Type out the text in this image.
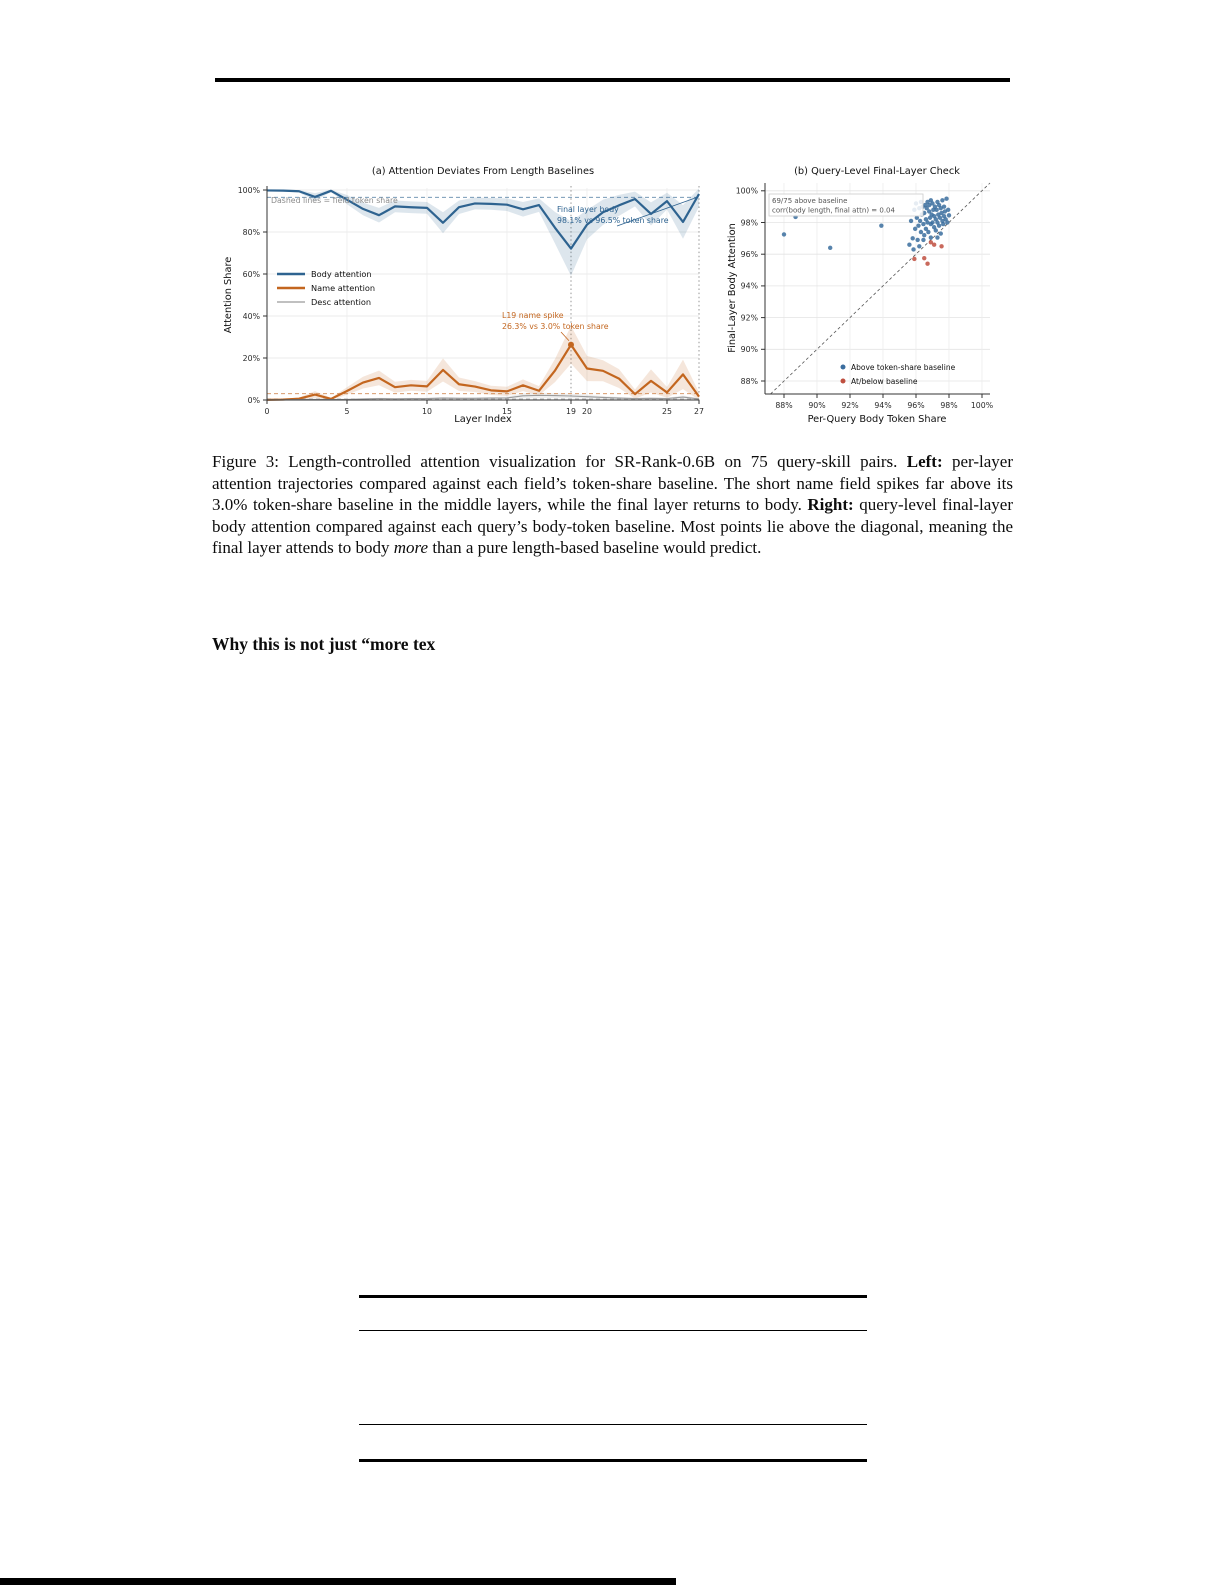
0	5	10	15	19 20	25	27
0%
20%
40%
60%
80%
100%
(a) Attention Deviates From Length Baselines
Layer Index
Attention Share	Body attention
Name attention
Desc attention
Dashed lines = field token share
Final layer body
98.1% vs 96.5% token share
L19 name spike
26.3% vs 3.0% token share
88%
88%
90%
90%
92%
92%
94%
94%
96%
96%
98%
98%
100%
100%
(b) Query-Level Final-Layer Check
Per-Query Body Token Share
Final-Layer Body Attention
69/75 above baseline
corr(body length, final attn) = 0.04
Above token-share baseline
At/below baseline
Figure 3: Length-controlled attention visualization for SR-Rank-0.6B on 75 query-skill pairs. Left: per-layer attention trajectories compared against each field’s token-share baseline. The short name field spikes far above its 3.0% token-share baseline in the middle layers, while the final layer returns to body. Right: query-level final-layer body attention compared against each query’s body-token baseline. Most points lie above the diagonal, meaning the final layer attends to body more than a pure length-based baseline would predict.
Why this is not just “more tex
